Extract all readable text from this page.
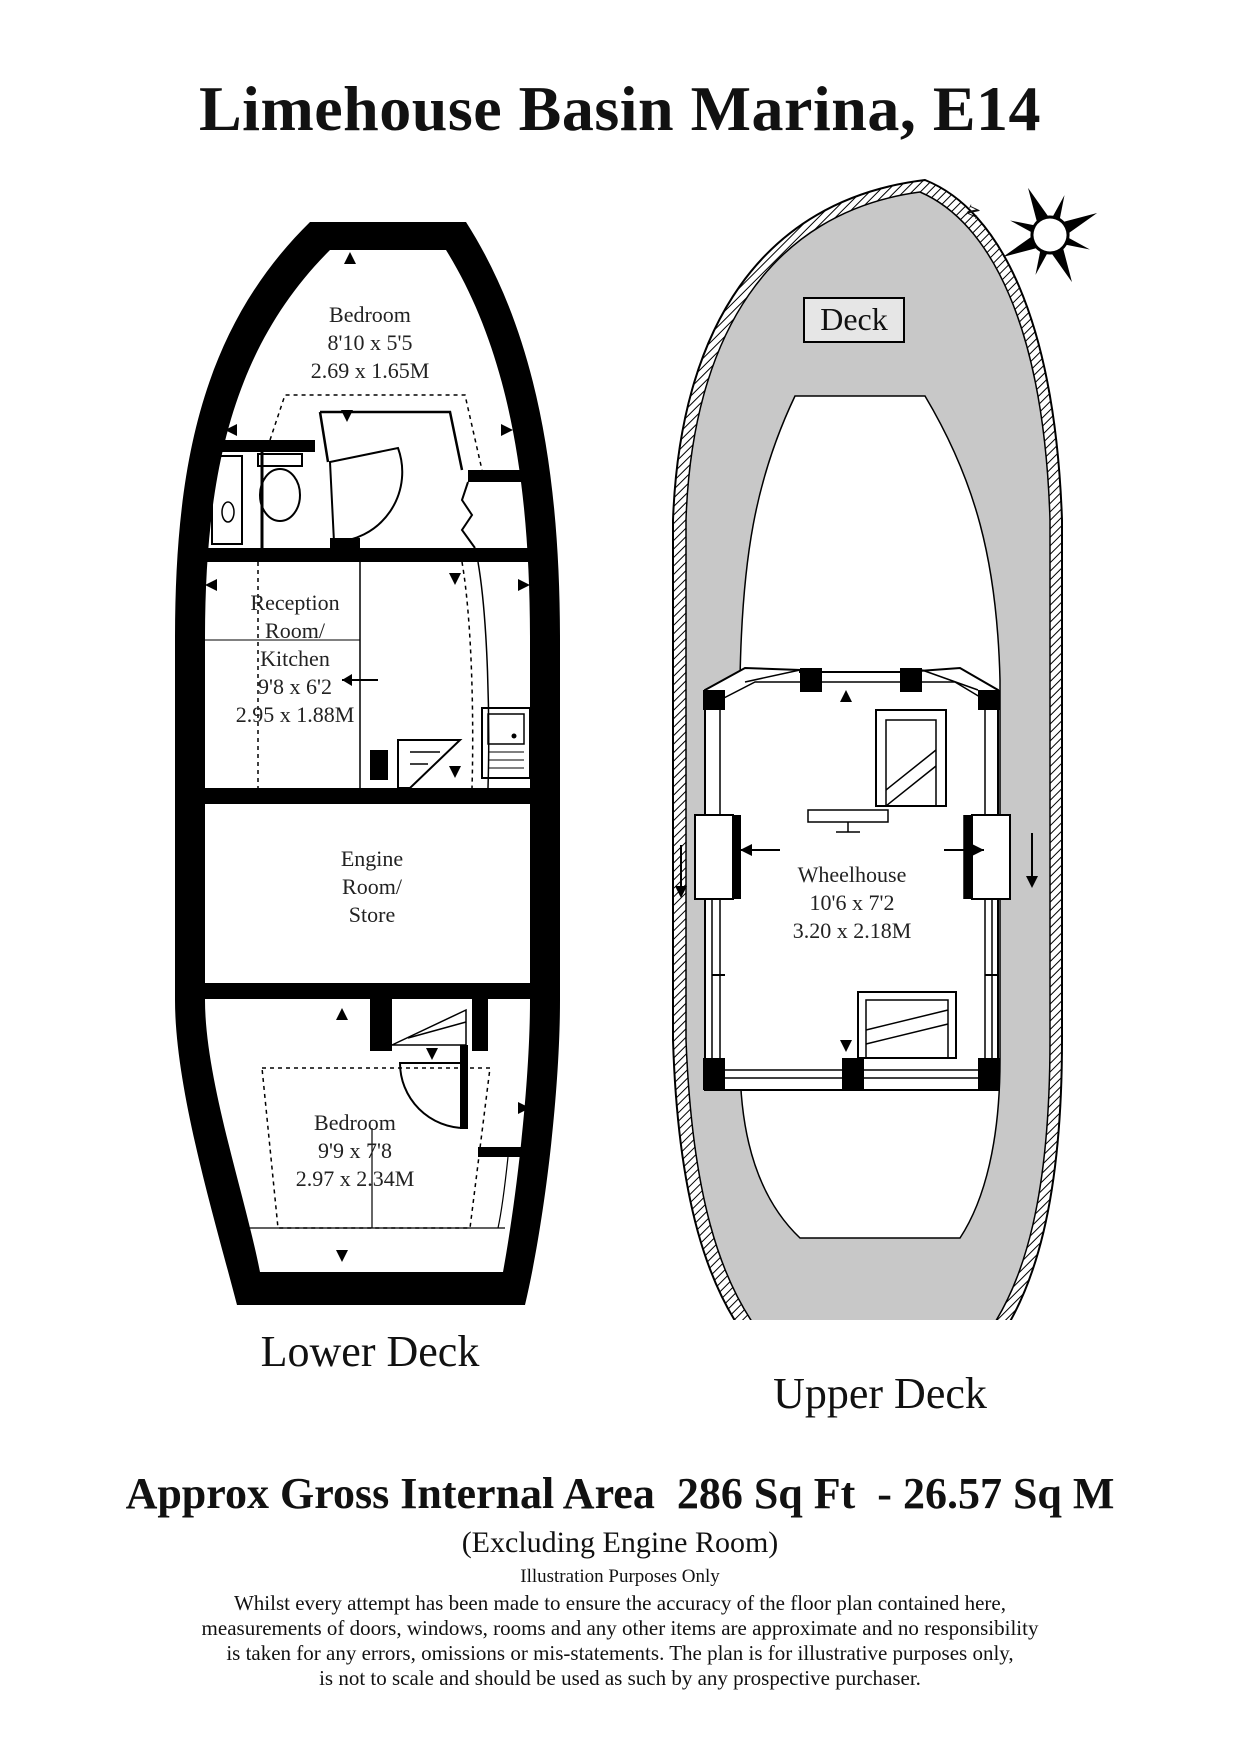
Limehouse Basin Marina, E14
Bedroom
8'10 x 5'5
2.69 x 1.65M
Reception
Room/
Kitchen
9'8 x 6'2
2.95 x 1.88M
Engine
Room/
Store
Bedroom
9'9 x 7'8
2.97 x 2.34M
Deck
Wheelhouse
10'6 x 7'2
3.20 x 2.18M
N
Lower Deck
Upper Deck
Approx Gross Internal Area  286 Sq Ft  - 26.57 Sq M
(Excluding Engine Room)
Illustration Purposes Only
Whilst every attempt has been made to ensure the accuracy of the floor plan contained here,
measurements of doors, windows, rooms and any other items are approximate and no responsibility
is taken for any errors, omissions or mis-statements. The plan is for illustrative purposes only,
is not to scale and should be used as such by any prospective purchaser.
